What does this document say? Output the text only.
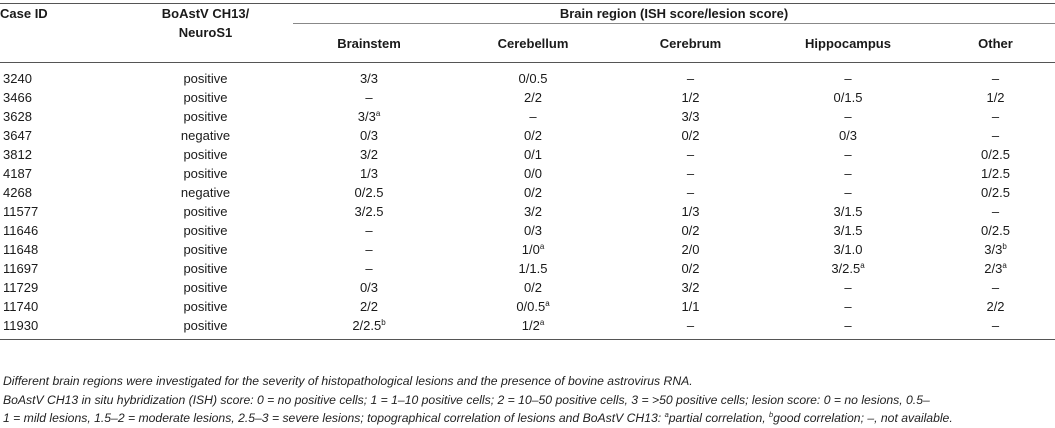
Case ID	BoAstV CH13/
NeuroS1	Brain region (ISH score/lesion score)				
		Brainstem	Cerebellum	Cerebrum	Hippocampus	Other
3240	positive	3/3	0/0.5	–	–	–
3466	positive	–	2/2	1/2	0/1.5	1/2
3628	positive	3/3$^a$	–	3/3	–	–
3647	negative	0/3	0/2	0/2	0/3	–
3812	positive	3/2	0/1	–	–	0/2.5
4187	positive	1/3	0/0	–	–	1/2.5
4268	negative	0/2.5	0/2	–	–	0/2.5
11577	positive	3/2.5	3/2	1/3	3/1.5	–
11646	positive	–	0/3	0/2	3/1.5	0/2.5
11648	positive	–	1/0$^a$	2/0	3/1.0	3/3$^b$
11697	positive	–	1/1.5	0/2	3/2.5$^a$	2/3$^a$
11729	positive	0/3	0/2	3/2	–	–
11740	positive	2/2	0/0.5$^a$	1/1	–	2/2
11930	positive	2/2.5$^b$	1/2$^a$	–	–	–

Different brain regions were investigated for the severity of histopathological lesions and the presence of bovine astrovirus RNA.

BoAstV CH13 in situ hybridization (ISH) score: 0 = no positive cells; 1 = 1–10 positive cells; 2 = 10–50 positive cells, 3 = >50 positive cells; lesion score: 0 = no lesions, 0.5–

1 = mild lesions, 1.5–2 = moderate lesions, 2.5–3 = severe lesions; topographical correlation of lesions and BoAstV CH13: $^a$partial correlation, $^b$good correlation; –, not available.
